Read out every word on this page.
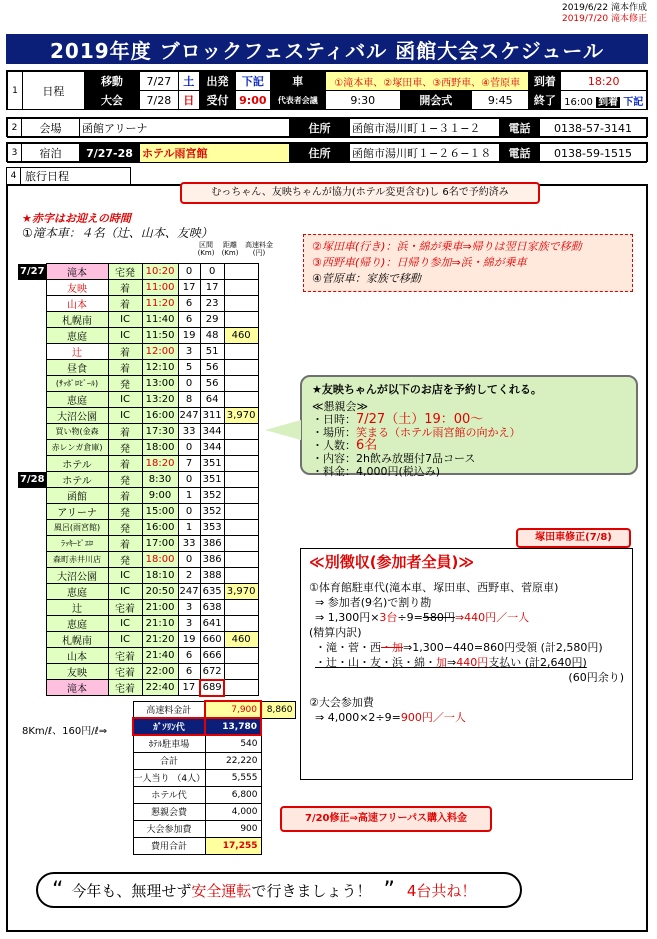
2019/6/22 滝本作成
2019/7/20 滝本修正
2019年度 ブロックフェスティバル 函館大会スケジュール
1	日程	移動	7/27	土	出発	下記	車	①滝本車、②塚田車、③西野車、④菅原車			到着	18:20
		大会	7/28	日	受付	9:00	代表者会議	9:30	開会式	9:45	終了	16:00 到着 下記
2	会場	函館アリーナ	住所	函館市湯川町１−３１−２	電話	0138-57-3141
3	宿泊	7/27-28	ホテル雨宮館	住所	函館市湯川町１−２６−１８	電話	0138-59-1515
4 旅行日程
むっちゃん、友映ちゃんが協力(ホテル変更含む)し 6名で予約済み
★赤字はお迎えの時間
①滝本車：４名（辻、山本、友映）
区間 (Km)
距離 (Km)
高速料金 (円)	②塚田車(行き)：浜・綿が乗車⇒帰りは翌日家族で移動
③西野車(帰り)：日帰り参加⇒浜・綿が乗車
④菅原車：家族で移動
7/27	滝本	宅発	10:20	0	0	
	友映	着	11:00	17	17	
	山本	着	11:20	6	23	
	札幌南	IC	11:40	6	29	
	恵庭	IC	11:50	19	48	460
	辻	着	12:00	3	51	
	昼食	着	12:10	5	56	
	(ｻｯﾎﾟﾛﾋﾞｰﾙ)	発	13:00	0	56	
	恵庭	IC	13:20	8	64	
	大沼公園	IC	16:00	247	311	3,970
	買い物(金森	着	17:30	33	344	
	赤レンガ倉庫)	発	18:00	0	344	
	ホテル	着	18:20	7	351	
7/28	ホテル	発	8:30	0	351	
	函館	着	9:00	1	352	
	アリーナ	発	15:00	0	352	
	風呂(雨宮館)	発	16:00	1	353	
	ﾗｯｷｰﾋﾟｴﾛ	着	17:00	33	386	
	森町赤井川店	発	18:00	0	386	
	大沼公園	IC	18:10	2	388	
	恵庭	IC	20:50	247	635	3,970
	辻	宅着	21:00	3	638	
	恵庭	IC	21:10	3	641	
	札幌南	IC	21:20	19	660	460
	山本	宅着	21:40	6	666	
	友映	宅着	22:00	6	672	
	滝本	宅着	22:40	17	689	
8Km/ℓ、160円/ℓ⇒
高速料金計	7,900	8,860
ｶﾞｿﾘﾝ代	13,780	
ﾎﾃﾙ駐車場	540	
合計	22,220	
一人当り （4人）	5,555	
ホテル代	6,800	
懇親会費	4,000	
大会参加費	900	
費用合計	17,255	
★友映ちゃんが以下のお店を予約してくれる。
≪懇親会≫
・日時：7/27（土）19：00〜
・場所：笑まる（ホテル雨宮館の向かえ）
・人数：6名
・内容：2h飲み放題付7品コース
・料金：4,000円(税込み)
塚田車修正(7/8)
≪別徴収(参加者全員)≫
①体育館駐車代(滝本車、塚田車、西野車、菅原車)
⇒ 参加者(9名)で割り勘
⇒ 1,300円×3台÷9=580円⇒440円／一人
(精算内訳)
・滝・菅・西・加⇒1,300−440=860円受領 (計2,580円)
・辻・山・友・浜・綿・加⇒440円支払い (計2,640円)
(60円余り)
②大会参加費
⇒ 4,000×2÷9=900円／一人
7/20修正⇒高速フリーパス購入料金
“ 今年も、無理せず 安全運転 で行きましょう！ ” 4台共ね！
